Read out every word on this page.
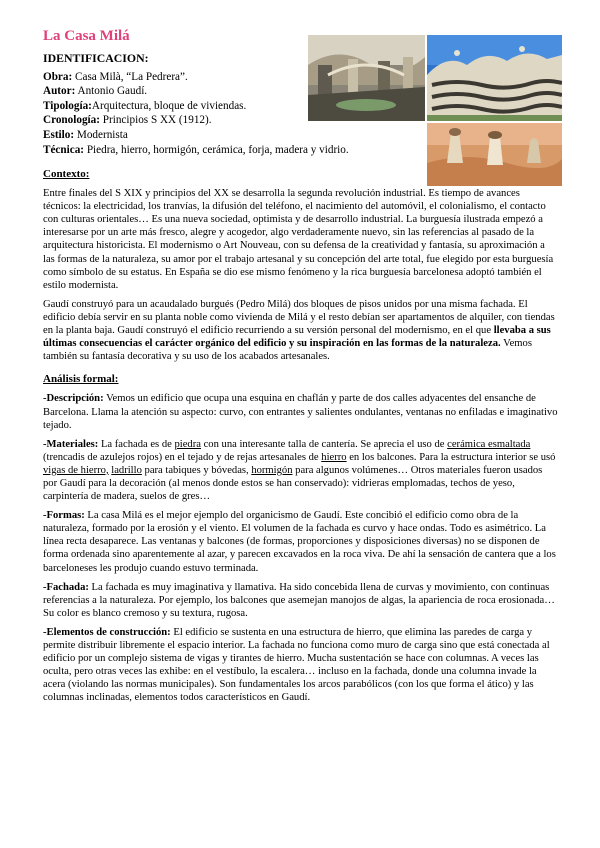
La Casa Milá
IDENTIFICACION:
Obra: Casa Milà, “La Pedrera”.
Autor: Antonio Gaudí.
Tipología:Arquitectura, bloque de viviendas.
Cronología: Principios S XX (1912).
Estilo: Modernista
Técnica: Piedra, hierro, hormigón, cerámica, forja, madera y vidrio.
Contexto:

Entre finales del S XIX y principios del XX se desarrolla la segunda revolución industrial. Es tiempo de avances técnicos: la electricidad, los tranvías, la difusión del teléfono, el nacimiento del automóvil, el colonialismo, el contacto con culturas orientales… Es una nueva sociedad, optimista y de desarrollo industrial. La burguesía ilustrada empezó a interesarse por un arte más fresco, alegre y acogedor, algo verdaderamente nuevo, sin las referencias al pasado de la arquitectura historicista. El modernismo o Art Nouveau, con su defensa de la creatividad y fantasía, su aproximación a las formas de la naturaleza, su amor por el trabajo artesanal y su concepción del arte total, fue elegido por esta burguesía como símbolo de su estatus. En España se dio ese mismo fenómeno y la rica burguesía barcelonesa adoptó también el estilo modernista.

Gaudí construyó para un acaudalado burgués (Pedro Milá) dos bloques de pisos unidos por una misma fachada. El edificio debía servir en su planta noble como vivienda de Milá y el resto debían ser apartamentos de alquiler, con tiendas en la planta baja. Gaudí construyó el edificio recurriendo a su versión personal del modernismo, en el que llevaba a sus últimas consecuencias el carácter orgánico del edificio y su inspiración en las formas de la naturaleza. Vemos también su fantasía decorativa y su uso de los acabados artesanales.

Análisis formal:

-Descripción: Vemos un edificio que ocupa una esquina en chaflán y parte de dos calles adyacentes del ensanche de Barcelona. Llama la atención su aspecto: curvo, con entrantes y salientes ondulantes, ventanas no enfiladas e imaginativo tejado.

-Materiales: La fachada es de piedra con una interesante talla de cantería. Se aprecia el uso de cerámica esmaltada (trencadis de azulejos rojos) en el tejado y de rejas artesanales de hierro en los balcones. Para la estructura interior se usó vigas de hierro, ladrillo para tabiques y bóvedas, hormigón para algunos volúmenes… Otros materiales fueron usados por Gaudí para la decoración (al menos donde estos se han conservado): vidrieras emplomadas, techos de yeso, carpintería de madera, suelos de gres…

-Formas: La casa Milá es el mejor ejemplo del organicismo de Gaudí. Este concibió el edificio como obra de la naturaleza, formado por la erosión y el viento. El volumen de la fachada es curvo y hace ondas. Todo es asimétrico. La línea recta desaparece. Las ventanas y balcones (de formas, proporciones y disposiciones diversas) no se disponen de forma ordenada sino aparentemente al azar, y parecen excavados en la roca viva. De ahí la sensación de cantera que a los barceloneses les produjo cuando estuvo terminada.

-Fachada: La fachada es muy imaginativa y llamativa. Ha sido concebida llena de curvas y movimiento, con continuas referencias a la naturaleza. Por ejemplo, los balcones que asemejan manojos de algas, la apariencia de roca erosionada… Su color es blanco cremoso y su textura, rugosa.

-Elementos de construcción: El edificio se sustenta en una estructura de hierro, que elimina las paredes de carga y permite distribuir libremente el espacio interior. La fachada no funciona como muro de carga sino que está conectada al edificio por un complejo sistema de vigas y tirantes de hierro. Mucha sustentación se hace con columnas. A veces las oculta, pero otras veces las exhibe: en el vestíbulo, la escalera… incluso en la fachada, donde una columna invade la acera (violando las normas municipales). Son fundamentales los arcos parabólicos (con los que forma el ático) y las columnas inclinadas, elementos todos característicos en Gaudí.
